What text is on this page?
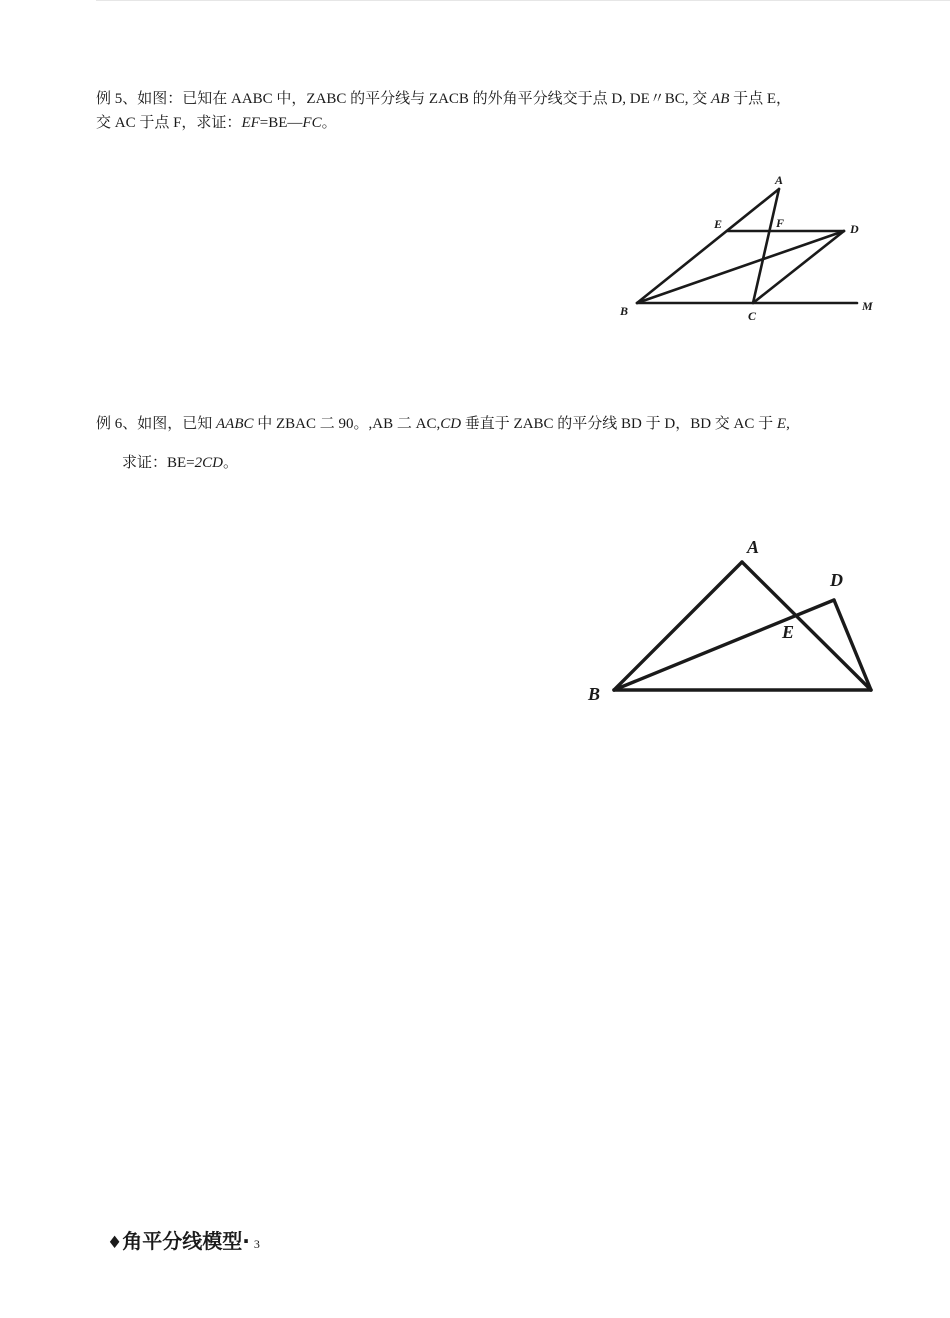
例 5、如图：已知在 AABC 中，ZABC 的平分线与 ZACB 的外角平分线交于点 D, DE〃BC, 交 AB 于点 E，
交 AC 于点 F，求证：EF=BE—FC。
A
E	F	D
B	C
M
例 6、如图，已知 AABC 中 ZBAC 二 90。,AB 二 AC,CD 垂直于 ZABC 的平分线 BD 于 D，BD 交 AC 于 E,
求证：BE=2CD。
A
D
E
B
♦角平分线模型· 3
